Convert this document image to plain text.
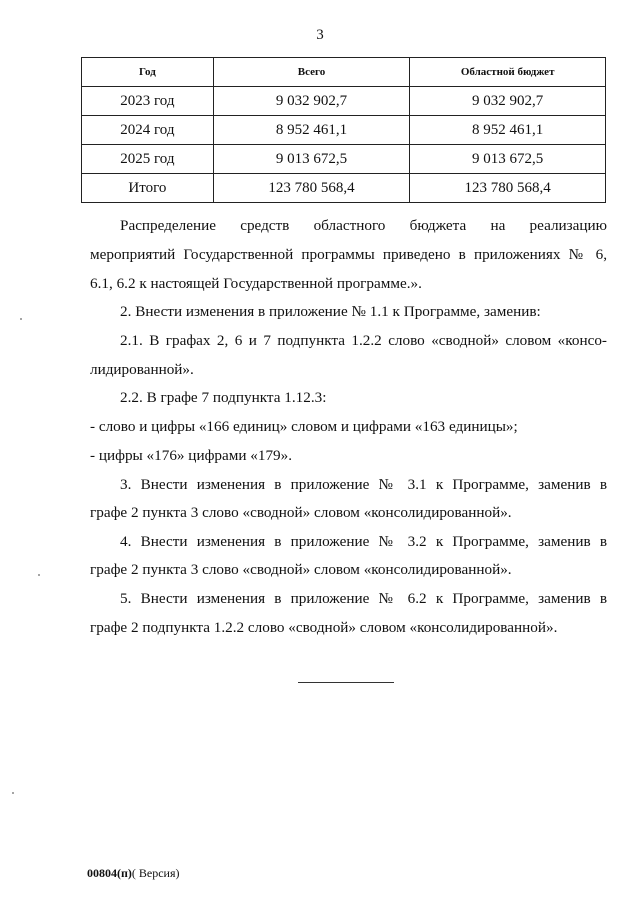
3
Год	Всего	Областной бюджет
2023 год	9 032 902,7	9 032 902,7
2024 год	8 952 461,1	8 952 461,1
2025 год	9 013 672,5	9 013 672,5
Итого	123 780 568,4	123 780 568,4
Распределение средств областного бюджета на реализацию
мероприятий Государственной программы приведено в приложениях № 6,
6.1, 6.2 к настоящей Государственной программе.».
2. Внести изменения в приложение № 1.1 к Программе, заменив:
2.1. В графах 2, 6 и 7 подпункта 1.2.2 слово «сводной» словом «консо-
лидированной».
2.2. В графе 7 подпункта 1.12.3:
- слово и цифры «166 единиц» словом и цифрами «163 единицы»;
- цифры «176» цифрами «179».
3. Внести изменения в приложение № 3.1 к Программе, заменив в
графе 2 пункта 3 слово «сводной» словом «консолидированной».
4. Внести изменения в приложение № 3.2 к Программе, заменив в
графе 2 пункта 3 слово «сводной» словом «консолидированной».
5. Внести изменения в приложение № 6.2 к Программе, заменив в
графе 2 подпункта 1.2.2 слово «сводной» словом «консолидированной».
00804(п)( Версия)
